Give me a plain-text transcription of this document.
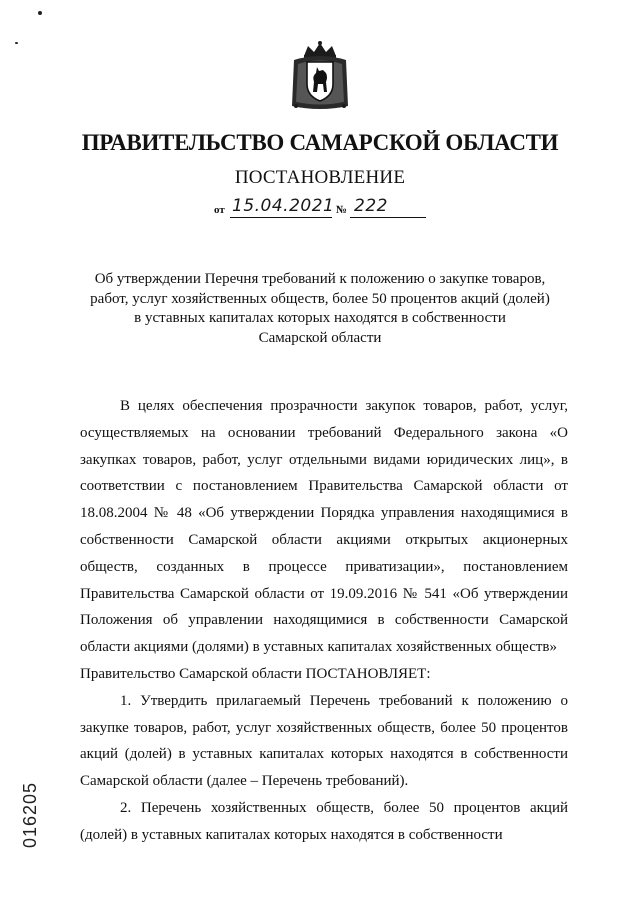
ПРАВИТЕЛЬСТВО САМАРСКОЙ ОБЛАСТИ
ПОСТАНОВЛЕНИЕ
от 15.04.2021 № 222
Об утверждении Перечня требований к положению о закупке товаров,
работ, услуг хозяйственных обществ, более 50 процентов акций (долей)
в уставных капиталах которых находятся в собственности
Самарской области

В целях обеспечения прозрачности закупок товаров, работ, услуг, осуществляемых на основании требований Федерального закона «О закупках товаров, работ, услуг отдельными видами юридических лиц», в соответствии с постановлением Правительства Самарской области от 18.08.2004 № 48 «Об утверждении Порядка управления находящимися в собственности Самарской области акциями открытых акционерных обществ, созданных в процессе приватизации», постановлением Правительства Самарской области от 19.09.2016 № 541 «Об утверждении Положения об управлении находящимися в собственности Самарской области акциями (долями) в уставных капиталах хозяйственных обществ»

Правительство Самарской области ПОСТАНОВЛЯЕТ:

1. Утвердить прилагаемый Перечень требований к положению о закупке товаров, работ, услуг хозяйственных обществ, более 50 процентов акций (долей) в уставных капиталах которых находятся в собственности Самарской области (далее – Перечень требований).

2. Перечень хозяйственных обществ, более 50 процентов акций (долей) в уставных капиталах которых находятся в собственности

016205
